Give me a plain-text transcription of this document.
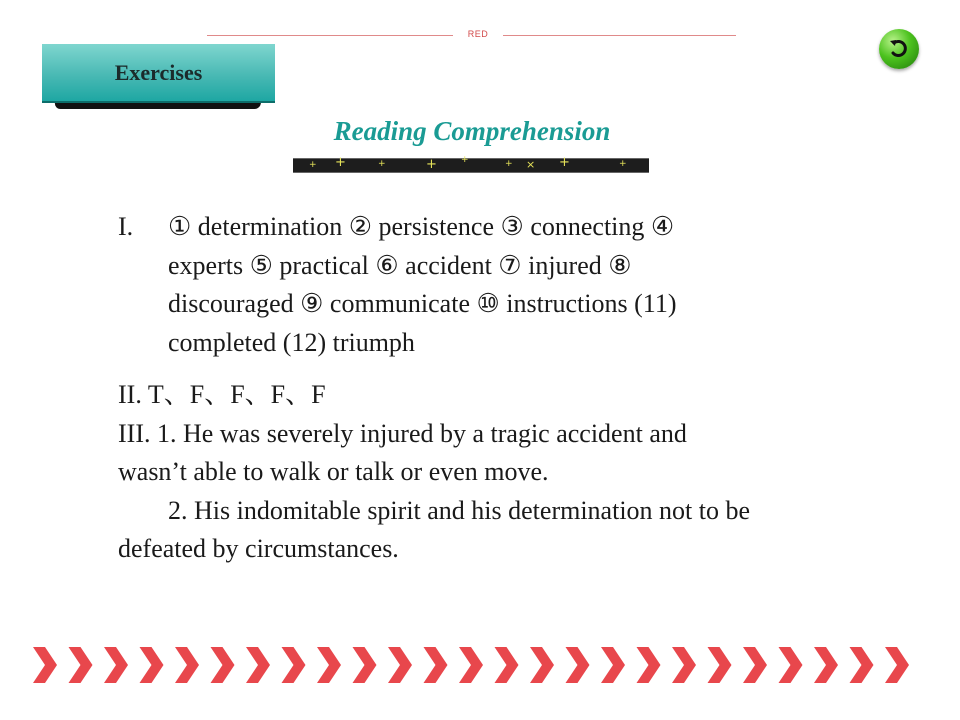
RED
Exercises
Reading Comprehension
+ +	+	+	+	+ × +	+
I.	① determination ② persistence ③ connecting ④
experts ⑤ practical ⑥ accident ⑦ injured ⑧
discouraged ⑨ communicate ⑩ instructions (11)
completed (12) triumph
II. T、F、F、F、F
III. 1. He was severely injured by a tragic accident and
wasn’t able to walk or talk or even move.
2. His indomitable spirit and his determination not to be
defeated by circumstances.
